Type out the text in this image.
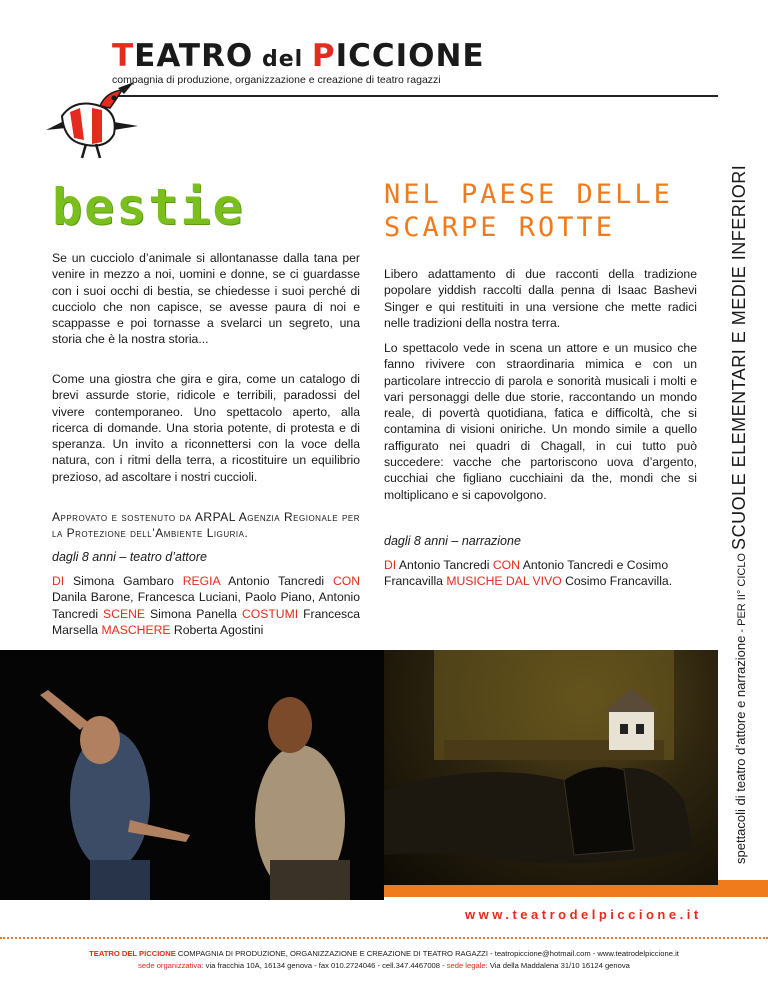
TEATRO del PICCIONE
compagnia di produzione, organizzazione e creazione di teatro ragazzi
bestie
Se un cucciolo d’animale si allontanasse dalla tana per venire in mezzo a noi, uomini e donne, se ci guardasse con i suoi occhi di bestia, se chiedesse i suoi perché di cucciolo che non capisce, se avesse paura di noi e scappasse e poi tornasse a svelarci un segreto, una storia che è la nostra storia...
Come una giostra che gira e gira, come un catalogo di brevi assurde storie, ridicole e terribili, paradossi del vivere contemporaneo. Uno spettacolo aperto, alla ricerca di domande. Una storia potente, di protesta e di speranza. Un invito a riconnettersi con la voce della natura, con i ritmi della terra, a ricostituire un equilibrio prezioso, ad ascoltare i nostri cuccioli.
Approvato e sostenuto da ARPAL Agenzia Regionale per la Protezione dell’Ambiente Liguria.
dagli 8 anni – teatro d’attore
DI Simona Gambaro REGIA Antonio Tancredi CON Danila Barone, Francesca Luciani, Paolo Piano, Antonio Tancredi SCENE Simona Panella COSTUMI Francesca Marsella MASCHERE Roberta Agostini
NEL PAESE DELLE
SCARPE ROTTE
Libero adattamento di due racconti della tradizione popolare yiddish raccolti dalla penna di Isaac Bashevi Singer e qui restituiti in una versione che mette radici nelle tradizioni della nostra terra.
Lo spettacolo vede in scena un attore e un musico che fanno rivivere con straordinaria mimica e con un particolare intreccio di parola e sonorità musicali i molti e vari personaggi delle due storie, raccontando un mondo reale, di povertà quotidiana, fatica e difficoltà, che si contamina di visioni oniriche. Un mondo simile a quello raffigurato nei quadri di Chagall, in cui tutto può succedere: vacche che partoriscono uova d’argento, cucchiai che figliano cucchiaini da the, mondi che si moltiplicano e si capovolgono.
dagli 8 anni – narrazione
DI Antonio Tancredi CON Antonio Tancredi e Cosimo Francavilla MUSICHE DAL VIVO Cosimo Francavilla.
spettacoli di teatro d’attore e narrazione - PER II° CICLO SCUOLE ELEMENTARI E MEDIE INFERIORI
www.teatrodelpiccione.it
TEATRO DEL PICCIONE COMPAGNIA DI PRODUZIONE, ORGANIZZAZIONE E CREAZIONE DI TEATRO RAGAZZI - teatropiccione@hotmail.com - www.teatrodelpiccione.it
sede organizzativa: via fracchia 10A, 16134 genova - fax 010.2724046 - cell.347.4467008 - sede legale: Via della Maddalena 31/10 16124 genova
